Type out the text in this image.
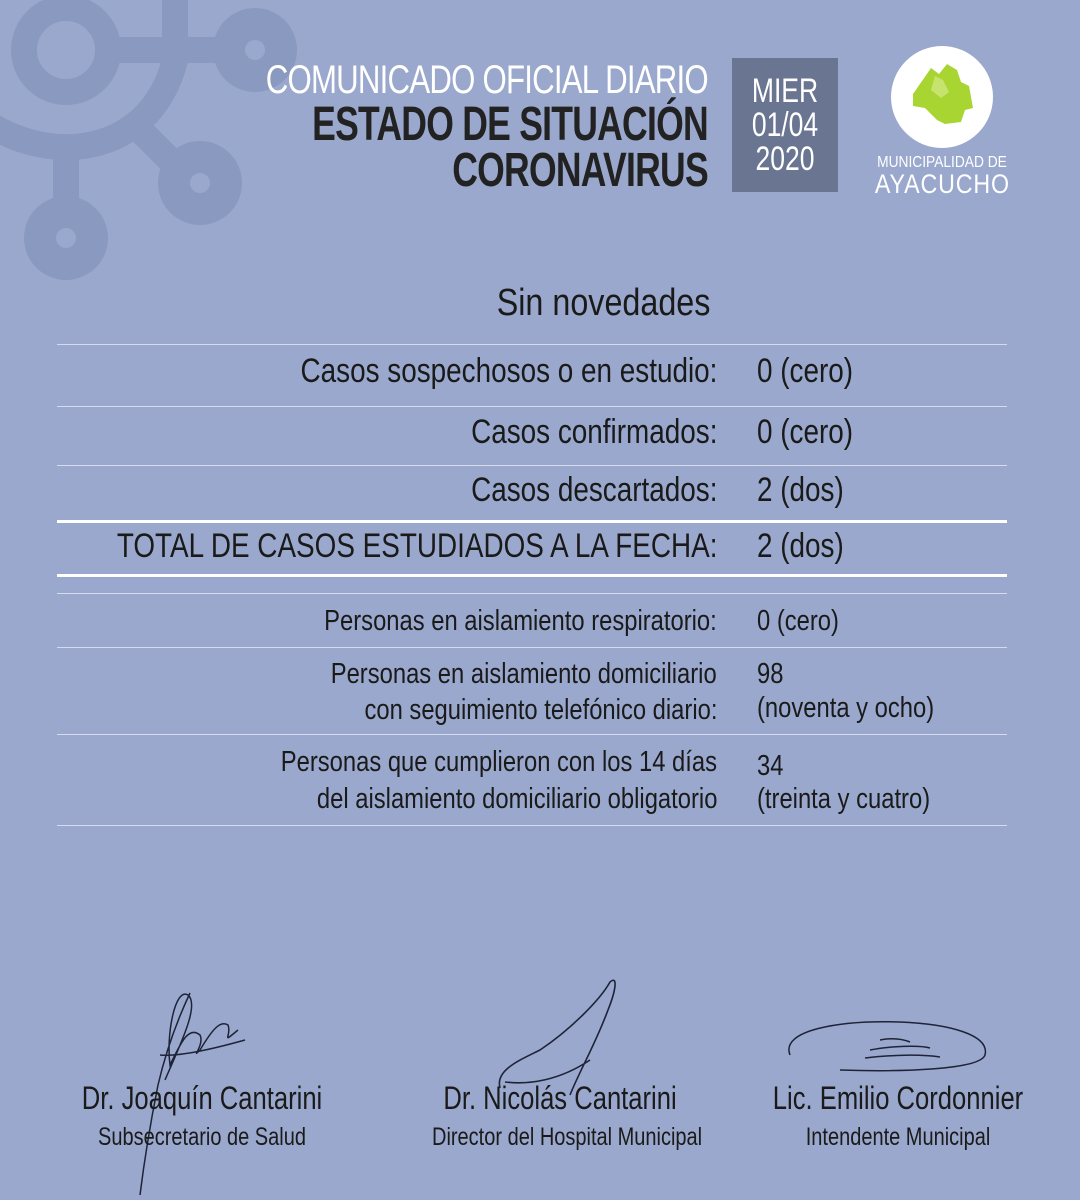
COMUNICADO OFICIAL DIARIO
ESTADO DE SITUACIÓN
CORONAVIRUS
MIER
01/04
2020	MUNICIPALIDAD DE
AYACUCHO
Sin novedades
Casos sospechosos o en estudio: 0 (cero)
Casos confirmados: 0 (cero)
Casos descartados: 2 (dos)
TOTAL DE CASOS ESTUDIADOS A LA FECHA: 2 (dos)
Personas en aislamiento respiratorio: 0 (cero)
Personas en aislamiento domiciliario
con seguimiento telefónico diario:
98
(noventa y ocho)
Personas que cumplieron con los 14 días
del aislamiento domiciliario obligatorio
34
(treinta y cuatro)
Dr. Joaquín Cantarini
Subsecretario de Salud
Dr. Nicolás Cantarini
Director del Hospital Municipal
Lic. Emilio Cordonnier
Intendente Municipal
